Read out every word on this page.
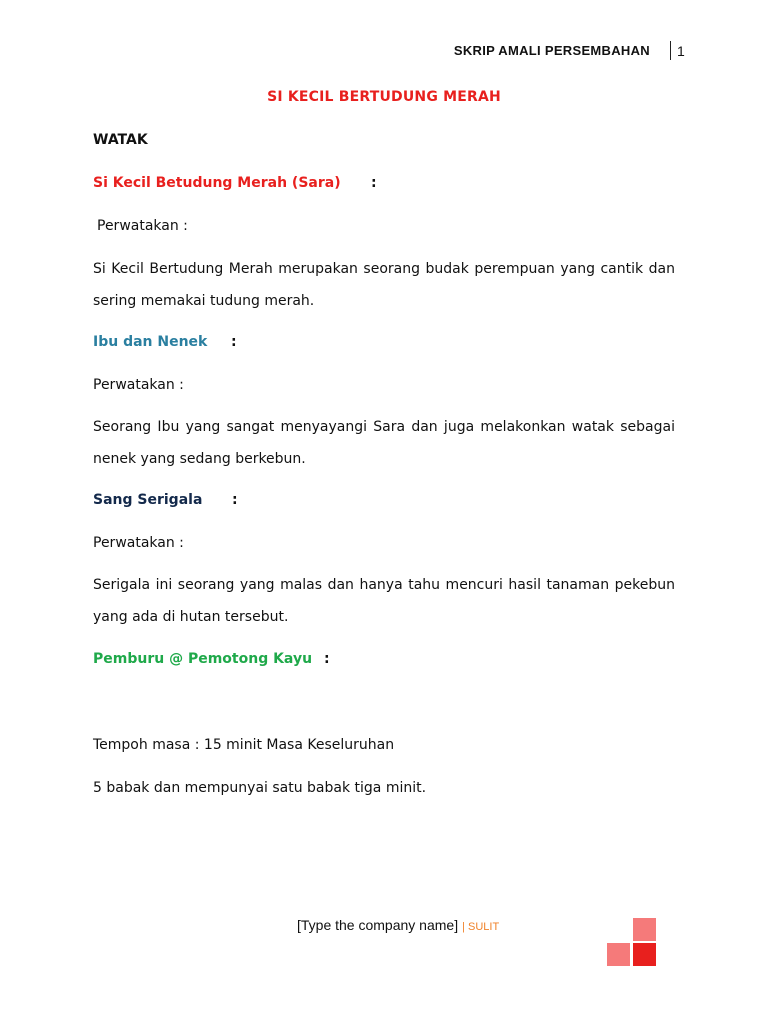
SKRIP AMALI PERSEMBAHAN 1
SI KECIL BERTUDUNG MERAH
WATAK
Si Kecil Betudung Merah (Sara) :
Perwatakan :
Si Kecil Bertudung Merah merupakan seorang budak perempuan yang cantik dan sering memakai tudung merah.
Ibu dan Nenek :
Perwatakan :
Seorang Ibu yang sangat menyayangi Sara dan juga melakonkan watak sebagai nenek yang sedang berkebun.
Sang Serigala :
Perwatakan :
Serigala ini seorang yang malas dan hanya tahu mencuri hasil tanaman pekebun yang ada di hutan tersebut.
Pemburu @ Pemotong Kayu :
Tempoh masa : 15 minit Masa Keseluruhan
5 babak dan mempunyai satu babak tiga minit.
[Type the company name] | SULIT
